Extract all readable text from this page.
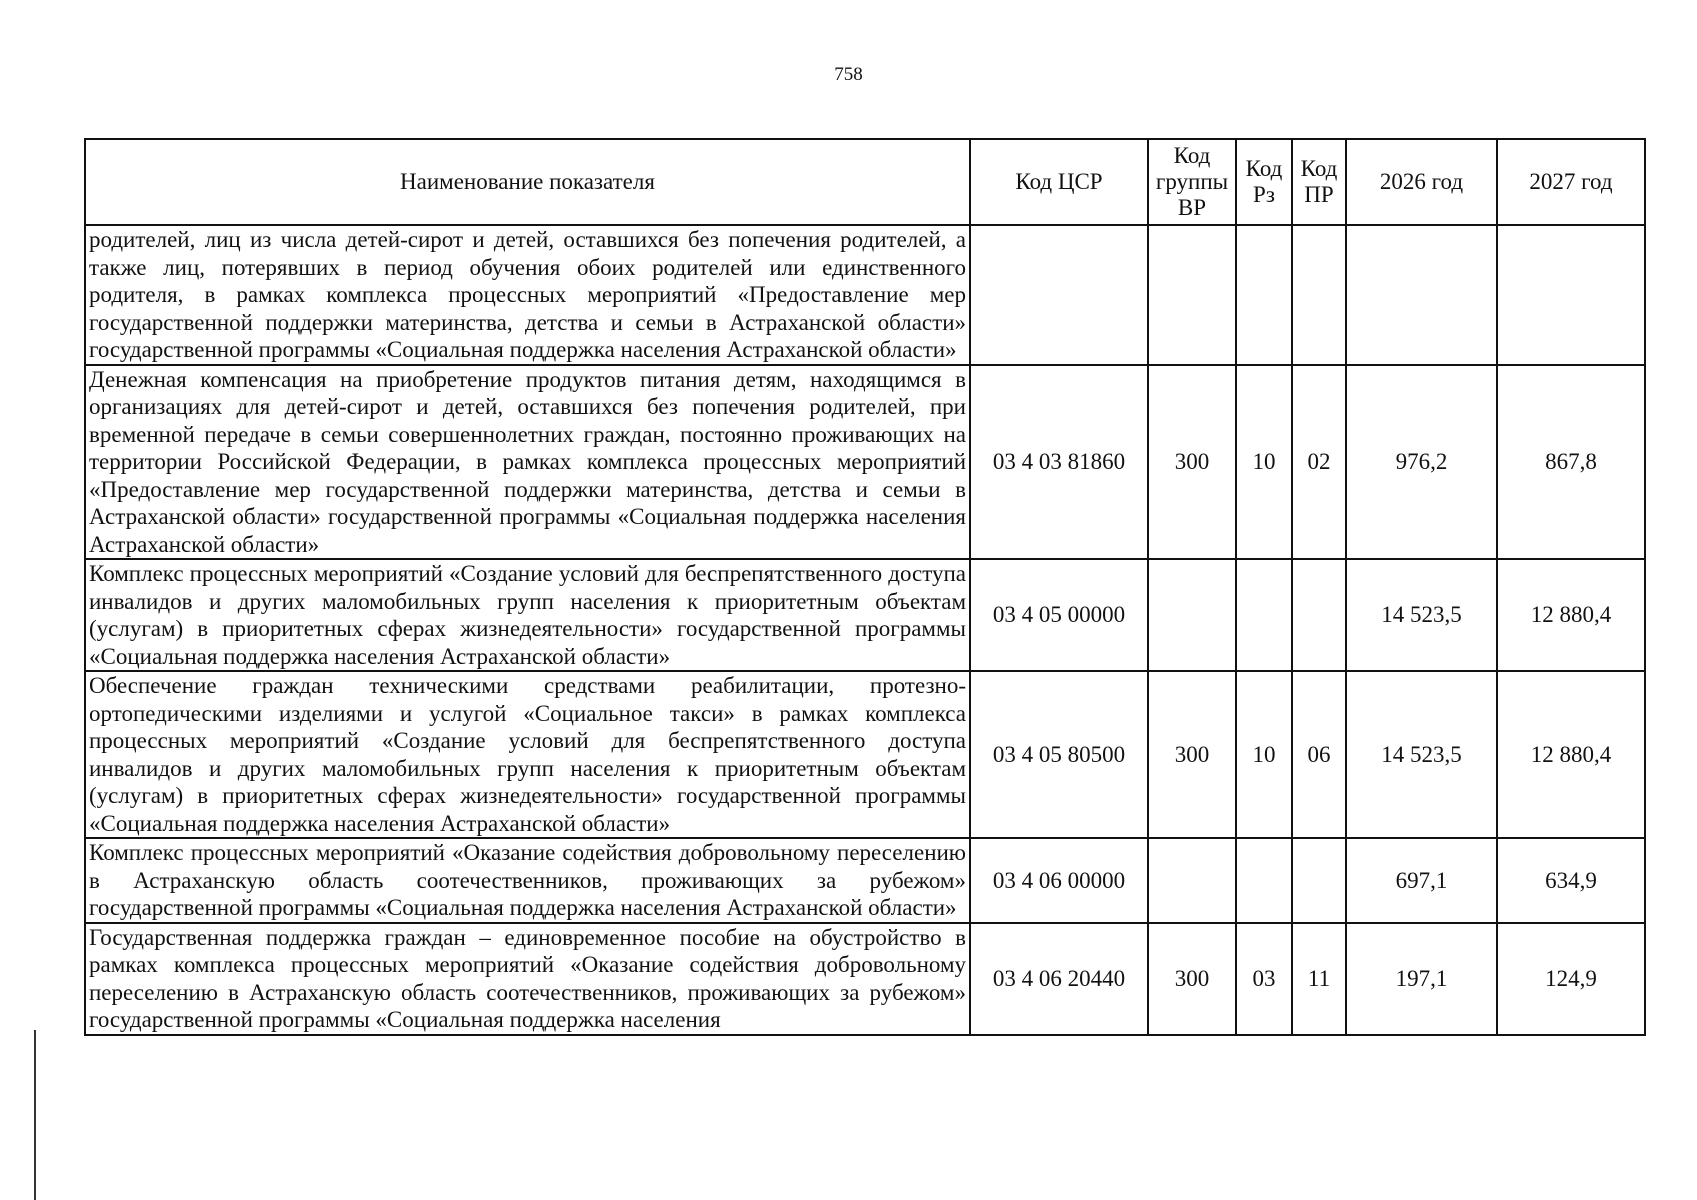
758
Наименование показателя	Код ЦСР	Код группы ВР	Код Рз	Код ПР	2026 год	2027 год
родителей, лиц из числа детей-сирот и детей, оставшихся без попечения родителей, а также лиц, потерявших в период обучения обоих родителей или единственного родителя, в рамках комплекса процессных мероприятий «Предоставление мер государственной поддержки материнства, детства и семьи в Астраханской области» государственной программы «Социальная поддержка населения Астраханской области»						
Денежная компенсация на приобретение продуктов питания детям, находящимся в организациях для детей-сирот и детей, оставшихся без попечения родителей, при временной передаче в семьи совершеннолетних граждан, постоянно проживающих на территории Российской Федерации, в рамках комплекса процессных мероприятий «Предоставление мер государственной поддержки материнства, детства и семьи в Астраханской области» государственной программы «Социальная поддержка населения Астраханской области»	03 4 03 81860	300	10	02	976,2	867,8
Комплекс процессных мероприятий «Создание условий для беспрепятственного доступа инвалидов и других маломобильных групп населения к приоритетным объектам (услугам) в приоритетных сферах жизнедеятельности» государственной программы «Социальная поддержка населения Астраханской области»	03 4 05 00000				14 523,5	12 880,4
Обеспечение граждан техническими средствами реабилитации, протезно-ортопедическими изделиями и услугой «Социальное такси» в рамках комплекса процессных мероприятий «Создание условий для беспрепятственного доступа инвалидов и других маломобильных групп населения к приоритетным объектам (услугам) в приоритетных сферах жизнедеятельности» государственной программы «Социальная поддержка населения Астраханской области»	03 4 05 80500	300	10	06	14 523,5	12 880,4
Комплекс процессных мероприятий «Оказание содействия добровольному переселению в Астраханскую область соотечественников, проживающих за рубежом» государственной программы «Социальная поддержка населения Астраханской области»	03 4 06 00000				697,1	634,9
Государственная поддержка граждан – единовременное пособие на обустройство в рамках комплекса процессных мероприятий «Оказание содействия добровольному переселению в Астраханскую область соотечественников, проживающих за рубежом» государственной программы «Социальная поддержка населения	03 4 06 20440	300	03	11	197,1	124,9
